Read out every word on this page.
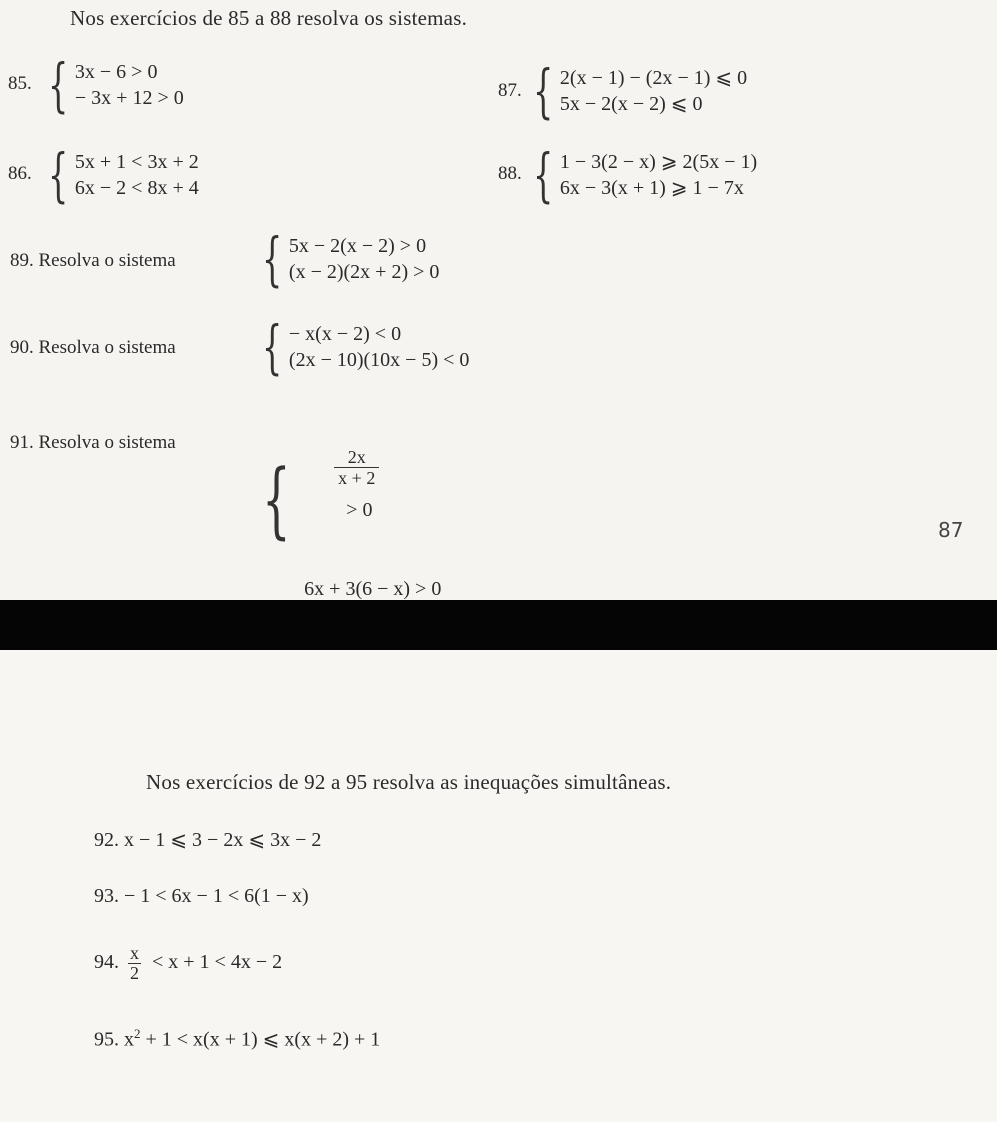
Nos exercícios de 85 a 88 resolva os sistemas.
85. { 3x − 6 > 0
− 3x + 12 > 0
86. { 5x + 1 < 3x + 2
6x − 2 < 8x + 4
87. { 2(x − 1) − (2x − 1) ⩽ 0
5x − 2(x − 2) ⩽ 0
88. { 1 − 3(2 − x) ⩾ 2(5x − 1)
6x − 3(x + 1) ⩾ 1 − 7x
89. Resolva o sistema { 5x − 2(x − 2) > 0
(x − 2)(2x + 2) > 0
90. Resolva o sistema { − x(x − 2) < 0
(2x − 10)(10x − 5) < 0
91. Resolva o sistema
{

$\frac{2x}{x + 2}$

> 0

6x + 3(6 − x) > 0
87
Nos exercícios de 92 a 95 resolva as inequações simultâneas.
92. x − 1 ⩽ 3 − 2x ⩽ 3x − 2
93. − 1 < 6x − 1 < 6(1 − x)
94. $\frac{x}{2} < x + 1 < 4x - 2$
95. $x^2 + 1 < x(x + 1)$ ⩽ x(x + 2) + 1
